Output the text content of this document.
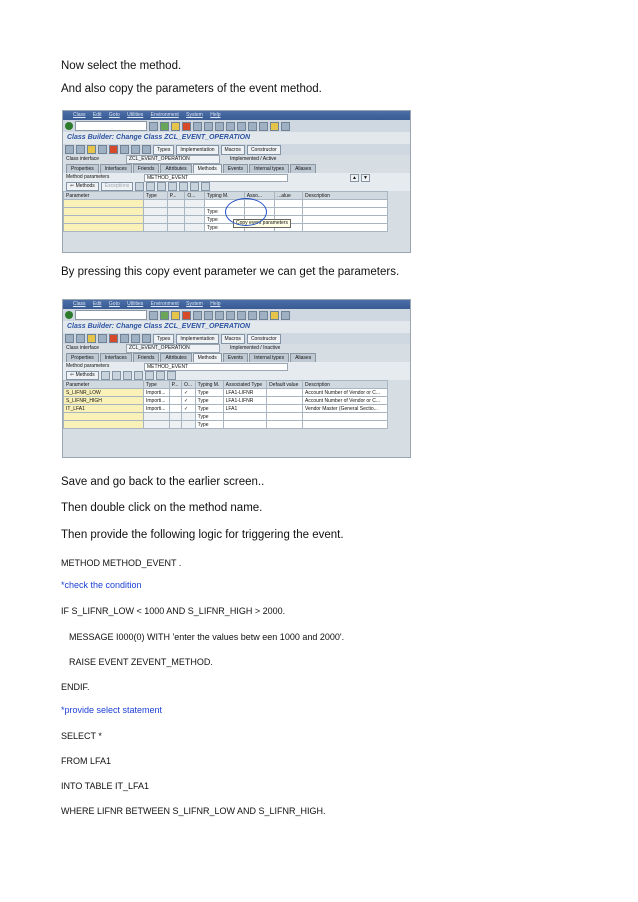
Now select the method.

And also copy the parameters of the event method.

Class Edit Goto Utilities Environment System Help
Class Builder: Change Class ZCL_EVENT_OPERATION
Types Implementation Macros Constructor
Class interface	ZCL_EVENT_OPERATION	Implemented / Active
Properties	Interfaces	Friends	Attributes	Methods	Events	Internal types	Aliases
Method parameters	METHOD_EVENT	▲	▼
⇐ Methods	Exceptions
Parameter	Type	P...	O...	Typing M.	Asso...	...alue	Description

				Type			
				Type			
				Type			
Copy event parameters

By pressing this copy event parameter we can get the parameters.

Class Edit Goto Utilities Environment System Help
Class Builder: Change Class ZCL_EVENT_OPERATION
Types Implementation Macros Constructor
Class interface	ZCL_EVENT_OPERATION	Implemented / Inactive
Properties	Interfaces	Friends	Attributes	Methods	Events	Internal types	Aliases
Method parameters	METHOD_EVENT
⇐ Methods
Parameter	Type	P...	O...	Typing M.	Associated Type	Default value	Description
S_LIFNR_LOW	Importi...		✓	Type	LFA1-LIFNR		Account Number of Vendor or C...
S_LIFNR_HIGH	Importi...		✓	Type	LFA1-LIFNR		Account Number of Vendor or C...
IT_LFA1	Importi...		✓	Type	LFA1		Vendor Master (General Sectio...
				Type			
				Type			

Save and go back to the earlier screen..

Then double click on the method name.

Then provide the following logic for triggering the event.

METHOD METHOD_EVENT .

*check the condition

IF S_LIFNR_LOW < 1000 AND S_LIFNR_HIGH > 2000.

MESSAGE I000(0) WITH 'enter the values betw een 1000 and 2000'.

RAISE EVENT ZEVENT_METHOD.

ENDIF.

*provide select statement

SELECT *

FROM LFA1

INTO TABLE IT_LFA1

WHERE LIFNR BETWEEN S_LIFNR_LOW AND S_LIFNR_HIGH.
